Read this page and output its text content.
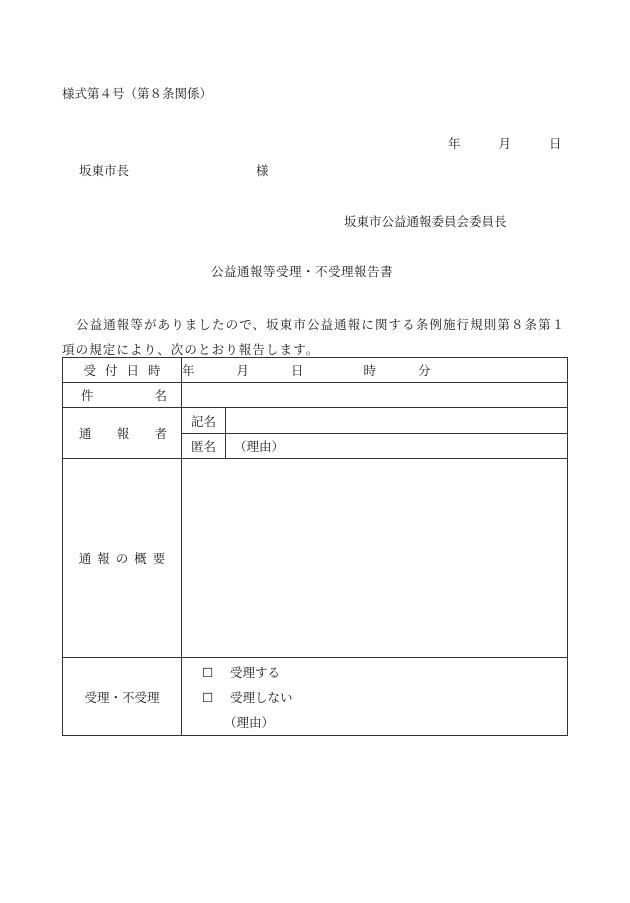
様式第４号（第８条関係）
年	月	日
坂東市長	様
坂東市公益通報委員会委員長
公益通報等受理・不受理報告書
公益通報等がありましたので、坂東市公益通報に関する条例施行規則第８条第１項の規定により、次のとおり報告します。
受付日時	年 月 日 時 分	

件 名		

通 報 者	記名	
	匿名	（理由）
通報の概要		
受理・不受理	☐ 受理する
☐ 受理しない
（理由）	
